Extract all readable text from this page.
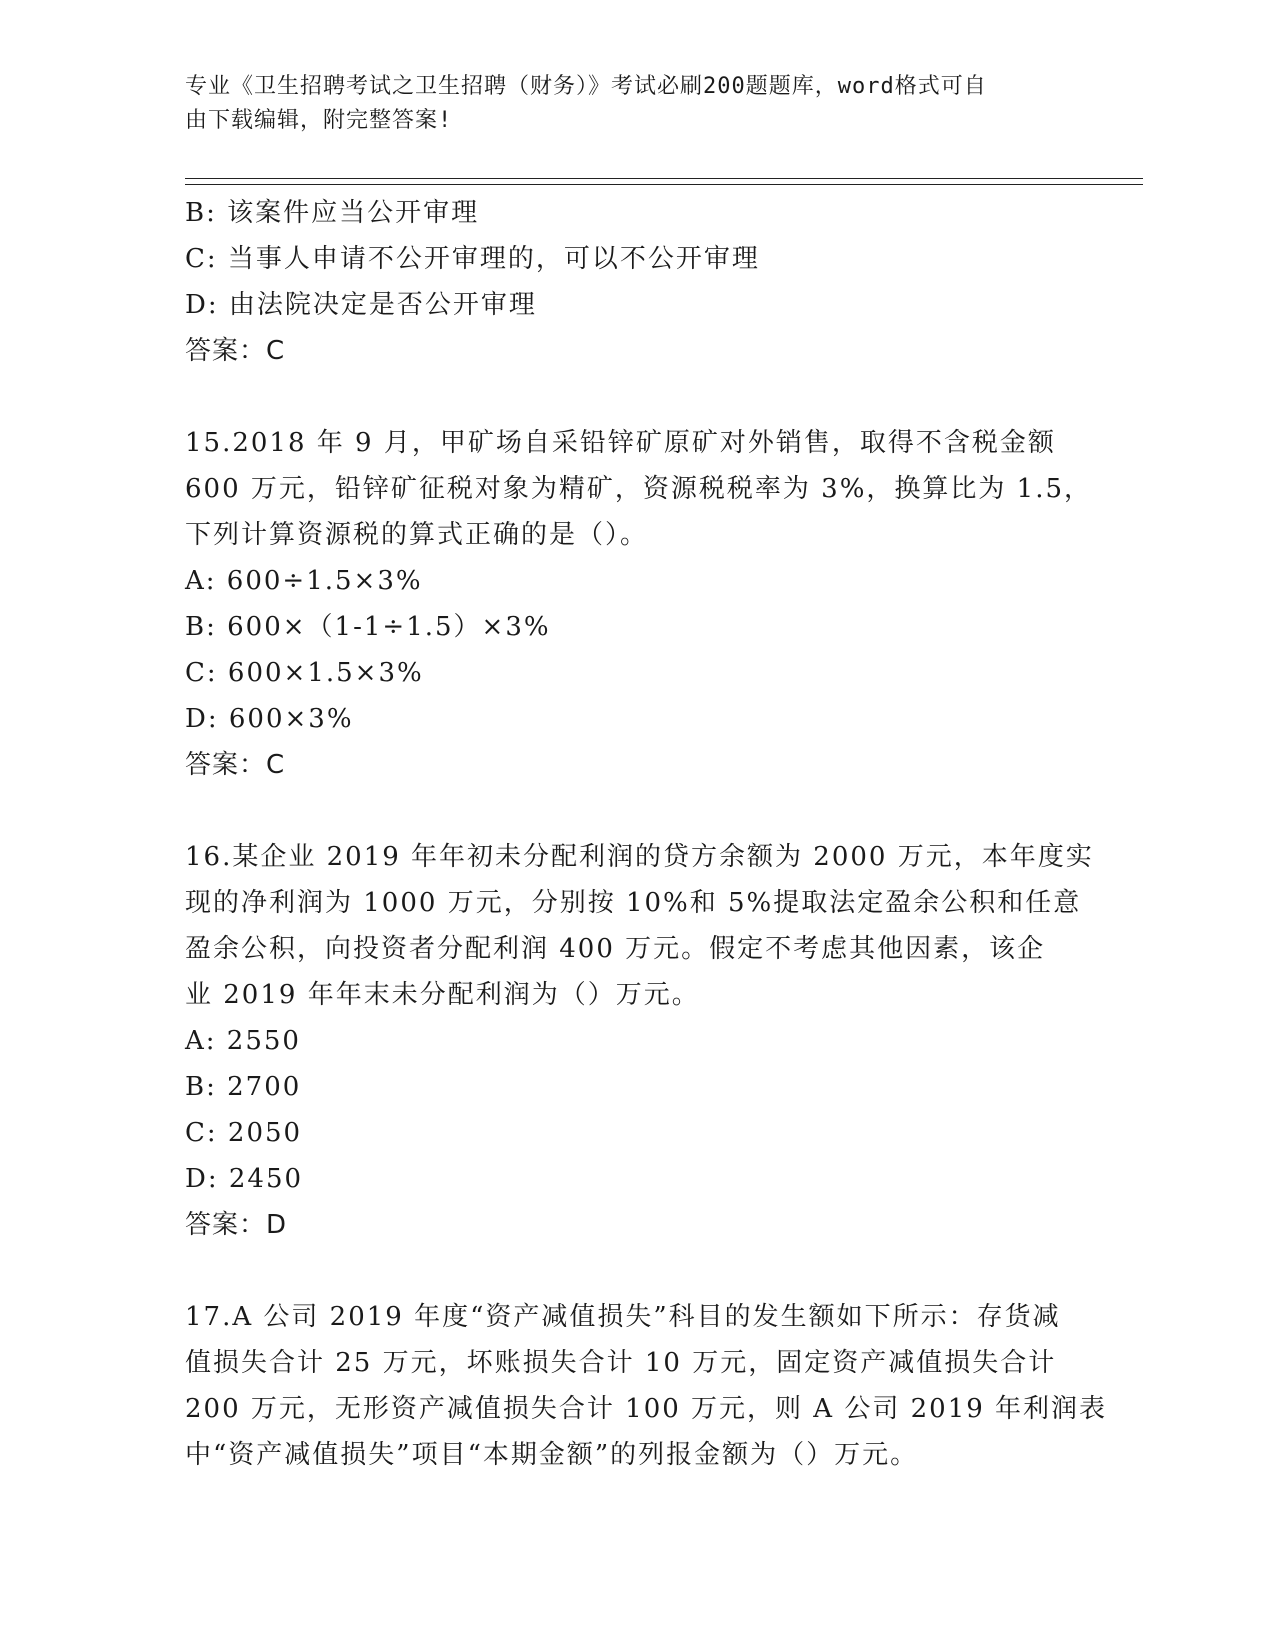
专业《卫生招聘考试之卫生招聘（财务）》考试必刷200题题库，word格式可自
由下载编辑，附完整答案!
B: 该案件应当公开审理
C: 当事人申请不公开审理的，可以不公开审理
D: 由法院决定是否公开审理
答案：C
15.2018 年 9 月，甲矿场自采铅锌矿原矿对外销售，取得不含税金额
600 万元，铅锌矿征税对象为精矿，资源税税率为 3%，换算比为 1.5，
下列计算资源税的算式正确的是（）。
A: 600÷1.5×3%
B: 600×（1-1÷1.5）×3%
C: 600×1.5×3%
D: 600×3%
答案：C
16.某企业 2019 年年初未分配利润的贷方余额为 2000 万元，本年度实
现的净利润为 1000 万元，分别按 10%和 5%提取法定盈余公积和任意
盈余公积，向投资者分配利润 400 万元。假定不考虑其他因素，该企
业 2019 年年末未分配利润为（）万元。
A: 2550
B: 2700
C: 2050
D: 2450
答案：D
17.A 公司 2019 年度“资产减值损失”科目的发生额如下所示：存货减
值损失合计 25 万元，坏账损失合计 10 万元，固定资产减值损失合计
200 万元，无形资产减值损失合计 100 万元，则 A 公司 2019 年利润表
中“资产减值损失”项目“本期金额”的列报金额为（）万元。
